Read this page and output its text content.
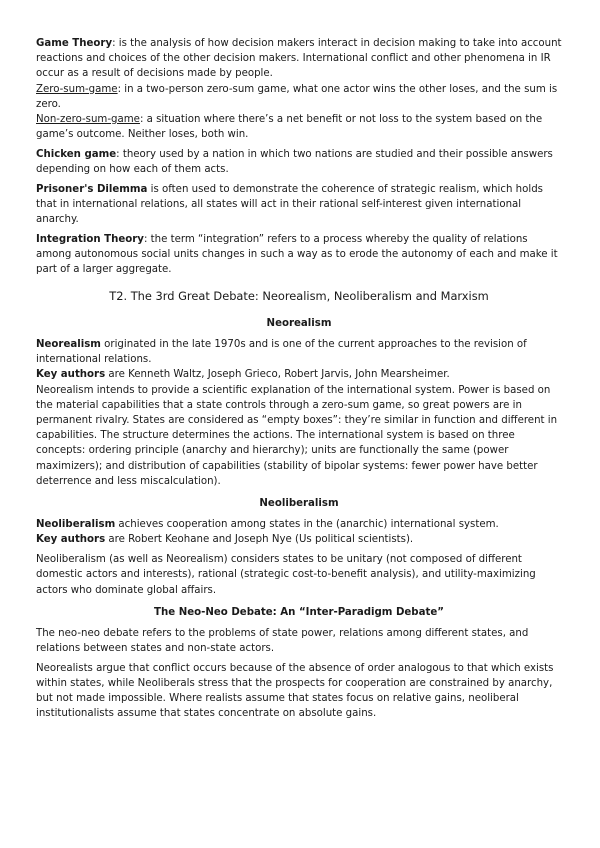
Game Theory: is the analysis of how decision makers interact in decision making to take into account reactions and choices of the other decision makers. International conflict and other phenomena in IR occur as a result of decisions made by people.

Zero-sum-game: in a two-person zero-sum game, what one actor wins the other loses, and the sum is zero.

Non-zero-sum-game: a situation where there’s a net benefit or not loss to the system based on the game’s outcome. Neither loses, both win.

Chicken game: theory used by a nation in which two nations are studied and their possible answers depending on how each of them acts.

Prisoner's Dilemma is often used to demonstrate the coherence of strategic realism, which holds that in international relations, all states will act in their rational self-interest given international anarchy.

Integration Theory: the term “integration” refers to a process whereby the quality of relations among autonomous social units changes in such a way as to erode the autonomy of each and make it part of a larger aggregate.

T2. The 3rd Great Debate: Neorealism, Neoliberalism and Marxism
Neorealism

Neorealism originated in the late 1970s and is one of the current approaches to the revision of international relations.

Key authors are Kenneth Waltz, Joseph Grieco, Robert Jarvis, John Mearsheimer.

Neorealism intends to provide a scientific explanation of the international system. Power is based on the material capabilities that a state controls through a zero-sum game, so great powers are in permanent rivalry. States are considered as “empty boxes”: they’re similar in function and different in capabilities. The structure determines the actions. The international system is based on three concepts: ordering principle (anarchy and hierarchy); units are functionally the same (power maximizers); and distribution of capabilities (stability of bipolar systems: fewer power have better deterrence and less miscalculation).

Neoliberalism

Neoliberalism achieves cooperation among states in the (anarchic) international system.

Key authors are Robert Keohane and Joseph Nye (Us political scientists).

Neoliberalism (as well as Neorealism) considers states to be unitary (not composed of different domestic actors and interests), rational (strategic cost-to-benefit analysis), and utility-maximizing actors who dominate global affairs.

The Neo-Neo Debate: An “Inter-Paradigm Debate”

The neo-neo debate refers to the problems of state power, relations among different states, and relations between states and non-state actors.

Neorealists argue that conflict occurs because of the absence of order analogous to that which exists within states, while Neoliberals stress that the prospects for cooperation are constrained by anarchy, but not made impossible. Where realists assume that states focus on relative gains, neoliberal institutionalists assume that states concentrate on absolute gains.
